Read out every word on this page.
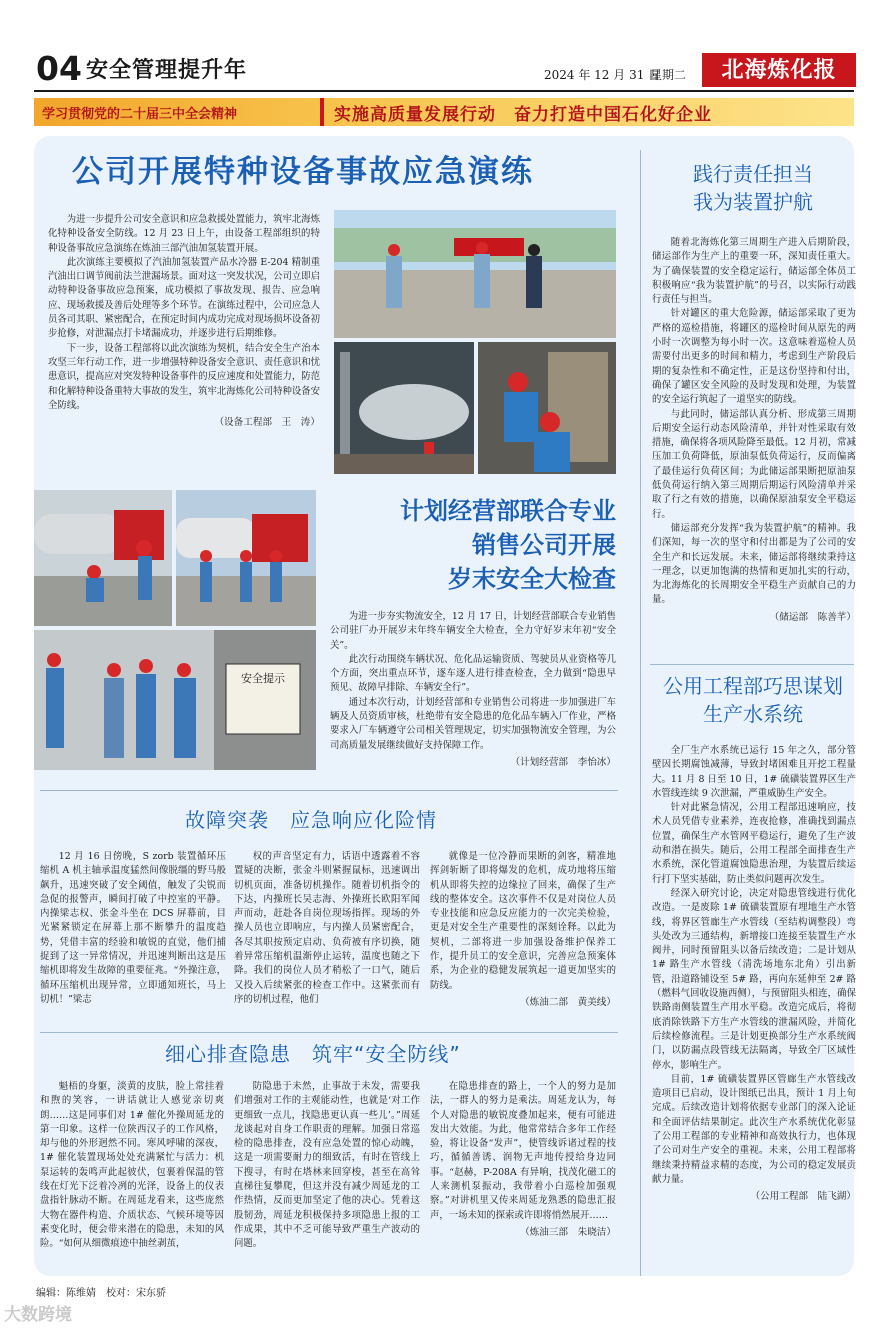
04 安全管理提升年	2024 年 12 月 31 日
星期二	北海炼化报
学习贯彻党的二十届三中全会精神	实施高质量发展行动　奋力打造中国石化好企业
公司开展特种设备事故应急演练

为进一步提升公司安全意识和应急救援处置能力，筑牢北海炼化特种设备安全防线。12 月 23 日上午，由设备工程部组织的特种设备事故应急演练在炼油三部汽油加氢装置开展。

此次演练主要模拟了汽油加氢装置产品水冷器 E-204 精制重汽油出口调节阀前法兰泄漏场景。面对这一突发状况，公司立即启动特种设备事故应急预案，成功模拟了事故发现、报告、应急响应、现场救援及善后处理等多个环节。在演练过程中，公司应急人员各司其职、紧密配合，在预定时间内成功完成对现场损坏设备初步抢修，对泄漏点打卡堵漏成功，并逐步进行后期维修。

下一步，设备工程部将以此次演练为契机，结合安全生产治本攻坚三年行动工作，进一步增强特种设备安全意识、责任意识和忧患意识，提高应对突发特种设备事件的反应速度和处置能力，防范和化解特种设备重特大事故的发生，筑牢北海炼化公司特种设备安全防线。

（设备工程部　王　涛）
安全提示
计划经营部联合专业
销售公司开展
岁末安全大检查

为进一步夯实物流安全，12 月 17 日，计划经营部联合专业销售公司驻厂办开展岁末年终车辆安全大检查，全力守好岁末年初“安全关”。

此次行动围绕车辆状况、危化品运输资质、驾驶员从业资格等几个方面，突出重点环节，逐车逐人进行排查检查，全力做到“隐患早预见、故障早排除、车辆安全行”。

通过本次行动，计划经营部和专业销售公司将进一步加强进厂车辆及人员资质审核，杜绝带有安全隐患的危化品车辆入厂作业，严格要求入厂车辆遵守公司相关管理规定，切实加强物流安全管理，为公司高质量发展继续做好支持保障工作。

（计划经营部　李怡冰）
践行责任担当
我为装置护航

随着北海炼化第三周期生产进入后期阶段，储运部作为生产上的重要一环，深知责任重大。为了确保装置的安全稳定运行，储运部全体员工积极响应“我为装置护航”的号召，以实际行动践行责任与担当。

针对罐区的重大危险源，储运部采取了更为严格的巡检措施，将罐区的巡检时间从原先的两小时一次调整为每小时一次。这意味着巡检人员需要付出更多的时间和精力，考虑到生产阶段后期的复杂性和不确定性，正是这份坚持和付出，确保了罐区安全风险的及时发现和处理，为装置的安全运行筑起了一道坚实的防线。

与此同时，储运部认真分析、形成第三周期后期安全运行动态风险清单，并针对性采取有效措施，确保将各项风险降至最低。12 月初，常减压加工负荷降低，原油泵低负荷运行，反而偏离了最佳运行负荷区间；为此储运部果断把原油泵低负荷运行纳入第三周期后期运行风险清单并采取了行之有效的措施，以确保原油泵安全平稳运行。

储运部充分发挥“我为装置护航”的精神。我们深知，每一次的坚守和付出都是为了公司的安全生产和长远发展。未来，储运部将继续秉持这一理念，以更加饱满的热情和更加扎实的行动，为北海炼化的长周期安全平稳生产贡献自己的力量。

（储运部　陈善芊）
公用工程部巧思谋划
生产水系统

全厂生产水系统已运行 15 年之久，部分管壁因长期腐蚀减薄，导致封堵困难且开挖工程量大。11 月 8 日至 10 日，1# 硫磺装置界区生产水管线连续 9 次泄漏，严重威胁生产安全。

针对此紧急情况，公用工程部迅速响应，技术人员凭借专业素养，连夜抢修，准确找到漏点位置，确保生产水管网平稳运行，避免了生产波动和潜在损失。随后，公用工程部全面排查生产水系统，深化管道腐蚀隐患治理，为装置后续运行打下坚实基础，防止类似问题再次发生。

经深入研究讨论，决定对隐患管线进行优化改造。一是废除 1# 硫磺装置原有埋地生产水管线，将界区管廊生产水管线（至结构调整段）弯头处改为三通结构，新增接口连接至装置生产水阀井，同时预留阻头以备后续改造；二是计划从 1# 路生产水管线（清洗场地东北角）引出新管，沿道路铺设至 5# 路，再向东延伸至 2# 路（燃料气回收设施西侧），与预留阻头相连，确保铁路南侧装置生产用水平稳。改造完成后，将彻底消除铁路下方生产水管线的泄漏风险，并简化后续检修流程。三是计划更换部分生产水系统阀门，以防漏点段管线无法隔离，导致全厂区域性停水，影响生产。

目前，1# 硫磺装置界区管廊生产水管线改造项目已启动，设计图纸已出具，预计 1 月上旬完成。后续改造计划将依据专业部门的深入论证和全面评估结果制定。此次生产水系统优化彰显了公用工程部的专业精神和高效执行力，也体现了公司对生产安全的重视。未来，公用工程部将继续秉持精益求精的态度，为公司的稳定发展贡献力量。

（公用工程部　陆飞湖）
故障突袭　应急响应化险情

12 月 16 日傍晚，S zorb 装置循环压缩机 A 机主轴承温度猛然间像脱缰的野马般飙升，迅速突破了安全阈值，触发了尖锐而急促的报警声，瞬间打破了中控室的平静。内操梁志权、张金斗坐在 DCS 屏幕前，目光紧紧锁定在屏幕上那不断攀升的温度趋势，凭借丰富的经验和敏锐的直觉，他们捕捉到了这一异常情况，并迅速判断出这是压缩机即将发生故障的重要征兆。“外操注意，循环压缩机出现异常，立即通知班长，马上切机！”梁志

权的声音坚定有力，话语中透露着不容置疑的决断，张金斗则紧握鼠标，迅速调出切机页面，准备切机操作。随着切机指令的下达，内操班长吴志海、外操班长欧阳军闻声而动，赶赴各自岗位现场指挥。现场的外操人员也立即响应，与内操人员紧密配合，各尽其职按预定启动、负荷被有序切换，随着异常压缩机温渐停止运转，温度也随之下降。我们的岗位人员才稍松了一口气，随后又投入后续紧张的检查工作中。这紧张而有序的切机过程，他们

就像是一位冷静而果断的剑客，精准地挥剑斩断了即将爆发的危机，成功地将压缩机从即将失控的边缘拉了回来，确保了生产线的整体安全。这次事件不仅是对岗位人员专业技能和应急反应能力的一次完美检验，更是对安全生产重要性的深刻诠释。以此为契机，二部将进一步加强设备维护保养工作，提升员工的安全意识，完善应急预案体系，为企业的稳健发展筑起一道更加坚实的防线。

（炼油二部　黄美线）
细心排查隐患　筑牢“安全防线”

魁梧的身躯，淡黄的皮肤，脸上常挂着和煦的笑容，一讲话就让人感觉亲切爽朗……这是同事们对 1# 催化外操周延龙的第一印象。这样一位陕西汉子的工作风格，却与他的外形迥然不同。寒风呼啸的深夜，1# 催化装置现场处处充满紧忙与活力：机泵运转的轰鸣声此起彼伏，包裹着保温的管线在灯光下泛着冷冽的光泽，设备上的仪表盘指针脉动不断。在周延龙看来，这些庞然大物在器件构造、介质状态、气候环境等因素变化时，便会带来潜在的隐患，未知的风险。“如何从细微痕迹中抽丝剥茧，

防隐患于未然，止事故于未发，需要我们增强对工作的主观能动性，也就是‘对工作更细致一点儿，找隐患更认真一些儿’。”周延龙谈起对自身工作职责的理解。加强日常巡检的隐患排查，没有应急处置的惊心动魄，这是一项需要耐力的细致活，有时在管线上下搜寻，有时在塔林来回穿梭，甚至在高耸直梯往复攀爬，但这并没有减少周延龙的工作热情，反而更加坚定了他的决心。凭着这股韧劲，周延龙积极保持多项隐患上报的工作成果，其中不乏可能导致严重生产波动的问题。

在隐患排查的路上，一个人的努力是加法，一群人的努力是乘法。周延龙认为，每个人对隐患的敏锐度叠加起来，便有可能进发出大效能。为此，他常常结合多年工作经验，将让设备“发声”，使管线诉诸过程的技巧，循循善诱、润物无声地传授给身边同事。“赵赫，P-208A 有异响，找茂化磁工的人来测机泵振动，我带着小白巡检加强观察。”对讲机里又传来周延龙熟悉的隐患汇报声，一场未知的探索或许即将悄然展开……

（炼油三部　朱晓洁）
编辑：陈维婧　校对：宋东骄
大数跨境
